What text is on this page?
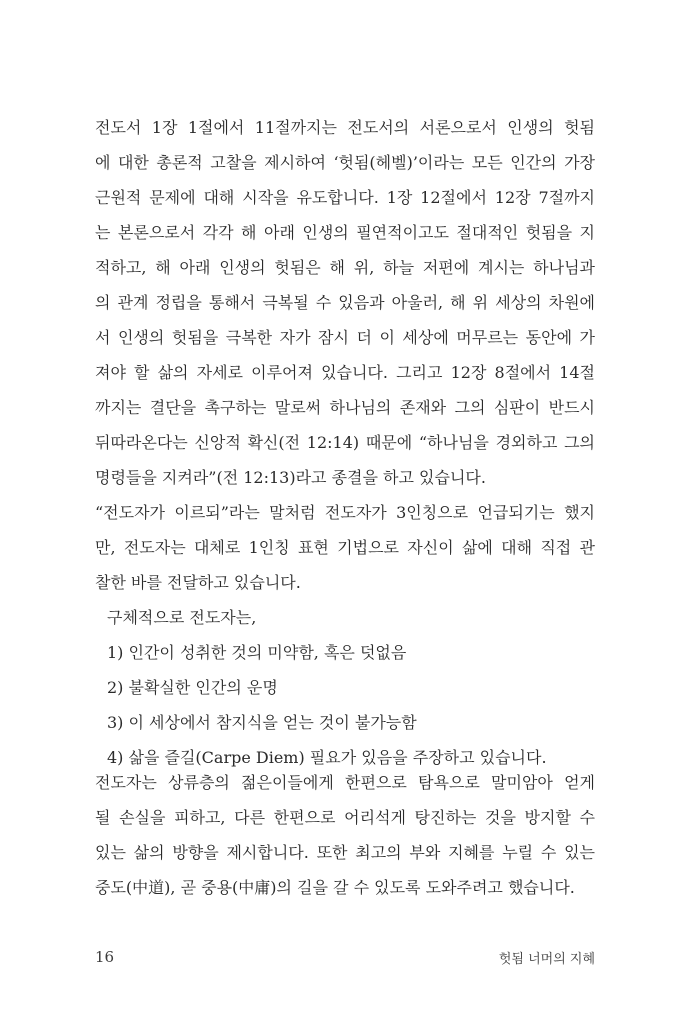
전도서 1장 1절에서 11절까지는 전도서의 서론으로서 인생의 헛됨
에 대한 총론적 고찰을 제시하여 ‘헛됨(헤벨)’이라는 모든 인간의 가장
근원적 문제에 대해 시작을 유도합니다. 1장 12절에서 12장 7절까지
는 본론으로서 각각 해 아래 인생의 필연적이고도 절대적인 헛됨을 지
적하고, 해 아래 인생의 헛됨은 해 위, 하늘 저편에 계시는 하나님과
의 관계 정립을 통해서 극복될 수 있음과 아울러, 해 위 세상의 차원에
서 인생의 헛됨을 극복한 자가 잠시 더 이 세상에 머무르는 동안에 가
져야 할 삶의 자세로 이루어져 있습니다. 그리고 12장 8절에서 14절
까지는 결단을 촉구하는 말로써 하나님의 존재와 그의 심판이 반드시
뒤따라온다는 신앙적 확신(전 12:14) 때문에 “하나님을 경외하고 그의
명령들을 지켜라”(전 12:13)라고 종결을 하고 있습니다.
“전도자가 이르되”라는 말처럼 전도자가 3인칭으로 언급되기는 했지
만, 전도자는 대체로 1인칭 표현 기법으로 자신이 삶에 대해 직접 관
찰한 바를 전달하고 있습니다.
구체적으로 전도자는,
1) 인간이 성취한 것의 미약함, 혹은 덧없음
2) 불확실한 인간의 운명
3) 이 세상에서 참지식을 얻는 것이 불가능함
4) 삶을 즐길(Carpe Diem) 필요가 있음을 주장하고 있습니다.
전도자는 상류층의 젊은이들에게 한편으로 탐욕으로 말미암아 얻게
될 손실을 피하고, 다른 한편으로 어리석게 탕진하는 것을 방지할 수
있는 삶의 방향을 제시합니다. 또한 최고의 부와 지혜를 누릴 수 있는
중도(中道), 곧 중용(中庸)의 길을 갈 수 있도록 도와주려고 했습니다.
16	헛됨 너머의 지혜
